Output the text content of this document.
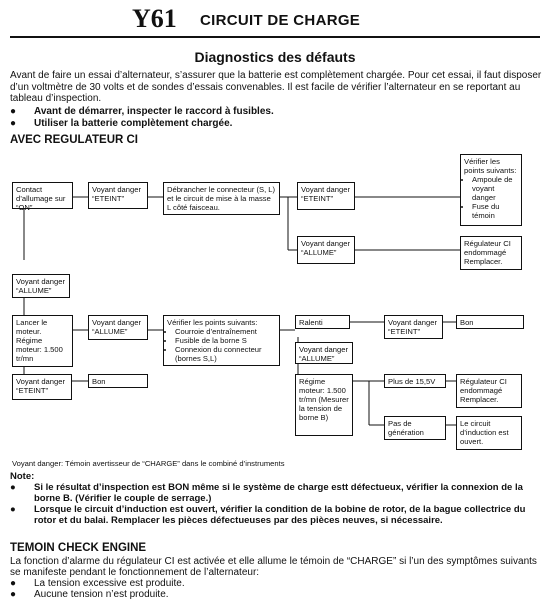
Y61 CIRCUIT DE CHARGE
Diagnostics des défauts
Avant de faire un essai d’alternateur, s’assurer que la batterie est complètement chargée. Pour cet essai, il faut disposer d’un voltmètre de 30 volts et de sondes d’essais convenables. Il est facile de vérifier l’alternateur en se reportant au tableau d’inspection.
● Avant de démarrer, inspecter le raccord à fusibles.
● Utiliser la batterie complètement chargée.
AVEC REGULATEUR CI
Contact d’allumage sur “ON”
Voyant danger “ETEINT”
Débrancher le connecteur (S, L) et le circuit de mise à la masse L côté faisceau.
Voyant danger “ETEINT”
Vérifier les points suivants:
• Ampoule de voyant danger
• Fuse du témoin
Voyant danger “ALLUME”
Régulateur CI endommagé Remplacer.
Voyant danger “ALLUME”
Lancer le moteur. Régime moteur: 1.500 tr/mn
Voyant danger “ALLUME”
Vérifier les points suivants:
• Courroie d’entraînement
• Fusible de la borne S
• Connexion du connecteur (bornes S,L)
Ralenti	Voyant danger “ETEINT”
Bon
Voyant danger “ALLUME”
Voyant danger “ETEINT”
Bon	Régime moteur: 1.500 tr/mn (Mesurer la tension de borne B)
Plus de 15,5V	Régulateur CI endommagé Remplacer.
Pas de génération
Le circuit d’induction est ouvert.
Voyant danger: Témoin avertisseur de “CHARGE” dans le combiné d’instruments
Note:
●	Si le résultat d’inspection est BON même si le système de charge estt défectueux, vérifier la connexion de la borne B. (Vérifier le couple de serrage.)
●	Lorsque le circuit d’induction est ouvert, vérifier la condition de la bobine de rotor, de la bague collectrice du rotor et du balai. Remplacer les pièces défectueuses par des pièces neuves, si nécessaire.
TEMOIN CHECK ENGINE
La fonction d’alarme du régulateur CI est activée et elle allume le témoin de “CHARGE” si l’un des symptômes suivants se manifeste pendant le fonctionnement de l’alternateur:
● La tension excessive est produite.
● Aucune tension n’est produite.
